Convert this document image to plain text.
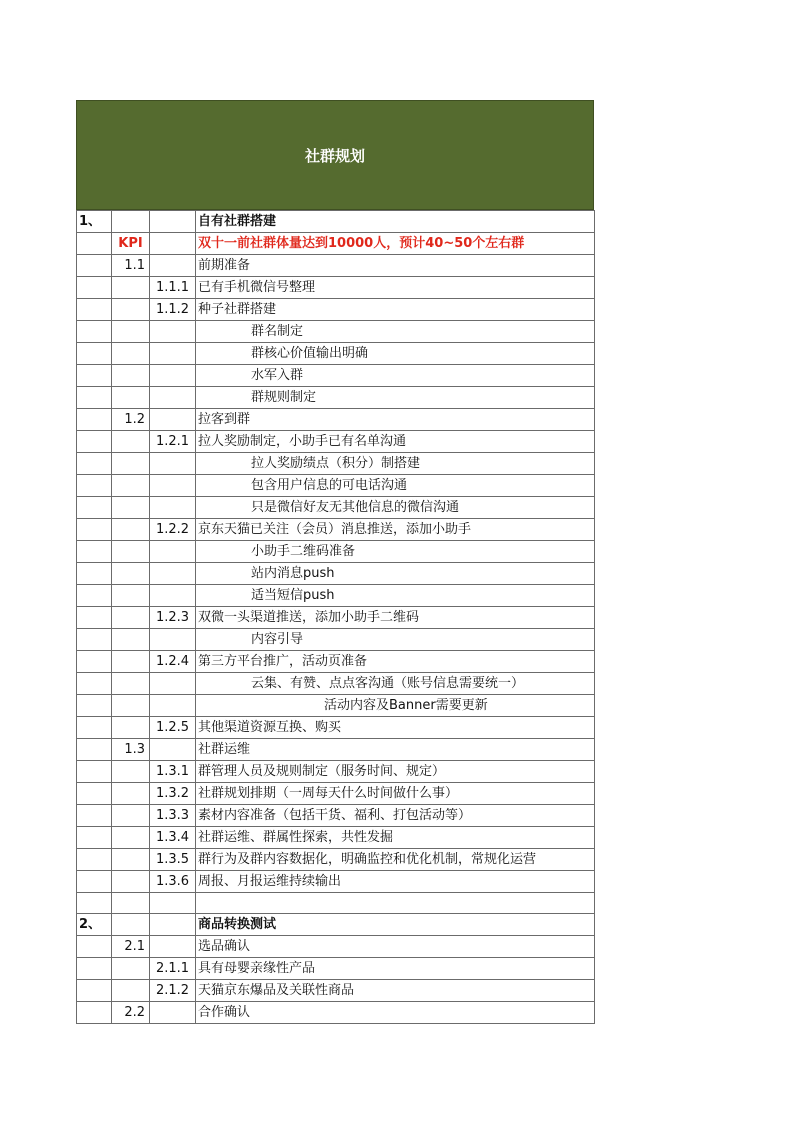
社群规划
1、			自有社群搭建
	KPI		双十一前社群体量达到10000人，预计40~50个左右群
	1.1		前期准备
		1.1.1	已有手机微信号整理
		1.1.2	种子社群搭建
			群名制定
			群核心价值输出明确
			水军入群
			群规则制定
	1.2		拉客到群
		1.2.1	拉人奖励制定，小助手已有名单沟通
			拉人奖励绩点（积分）制搭建
			包含用户信息的可电话沟通
			只是微信好友无其他信息的微信沟通
		1.2.2	京东天猫已关注（会员）消息推送，添加小助手
			小助手二维码准备
			站内消息push
			适当短信push
		1.2.3	双微一头渠道推送，添加小助手二维码
			内容引导
		1.2.4	第三方平台推广，活动页准备
			云集、有赞、点点客沟通（账号信息需要统一）
			活动内容及Banner需要更新
		1.2.5	其他渠道资源互换、购买
	1.3		社群运维
		1.3.1	群管理人员及规则制定（服务时间、规定）
		1.3.2	社群规划排期（一周每天什么时间做什么事）
		1.3.3	素材内容准备（包括干货、福利、打包活动等）
		1.3.4	社群运维、群属性探索，共性发掘
		1.3.5	群行为及群内容数据化，明确监控和优化机制，常规化运营
		1.3.6	周报、月报运维持续输出

2、			商品转换测试
	2.1		选品确认
		2.1.1	具有母婴亲缘性产品
		2.1.2	天猫京东爆品及关联性商品
	2.2		合作确认
